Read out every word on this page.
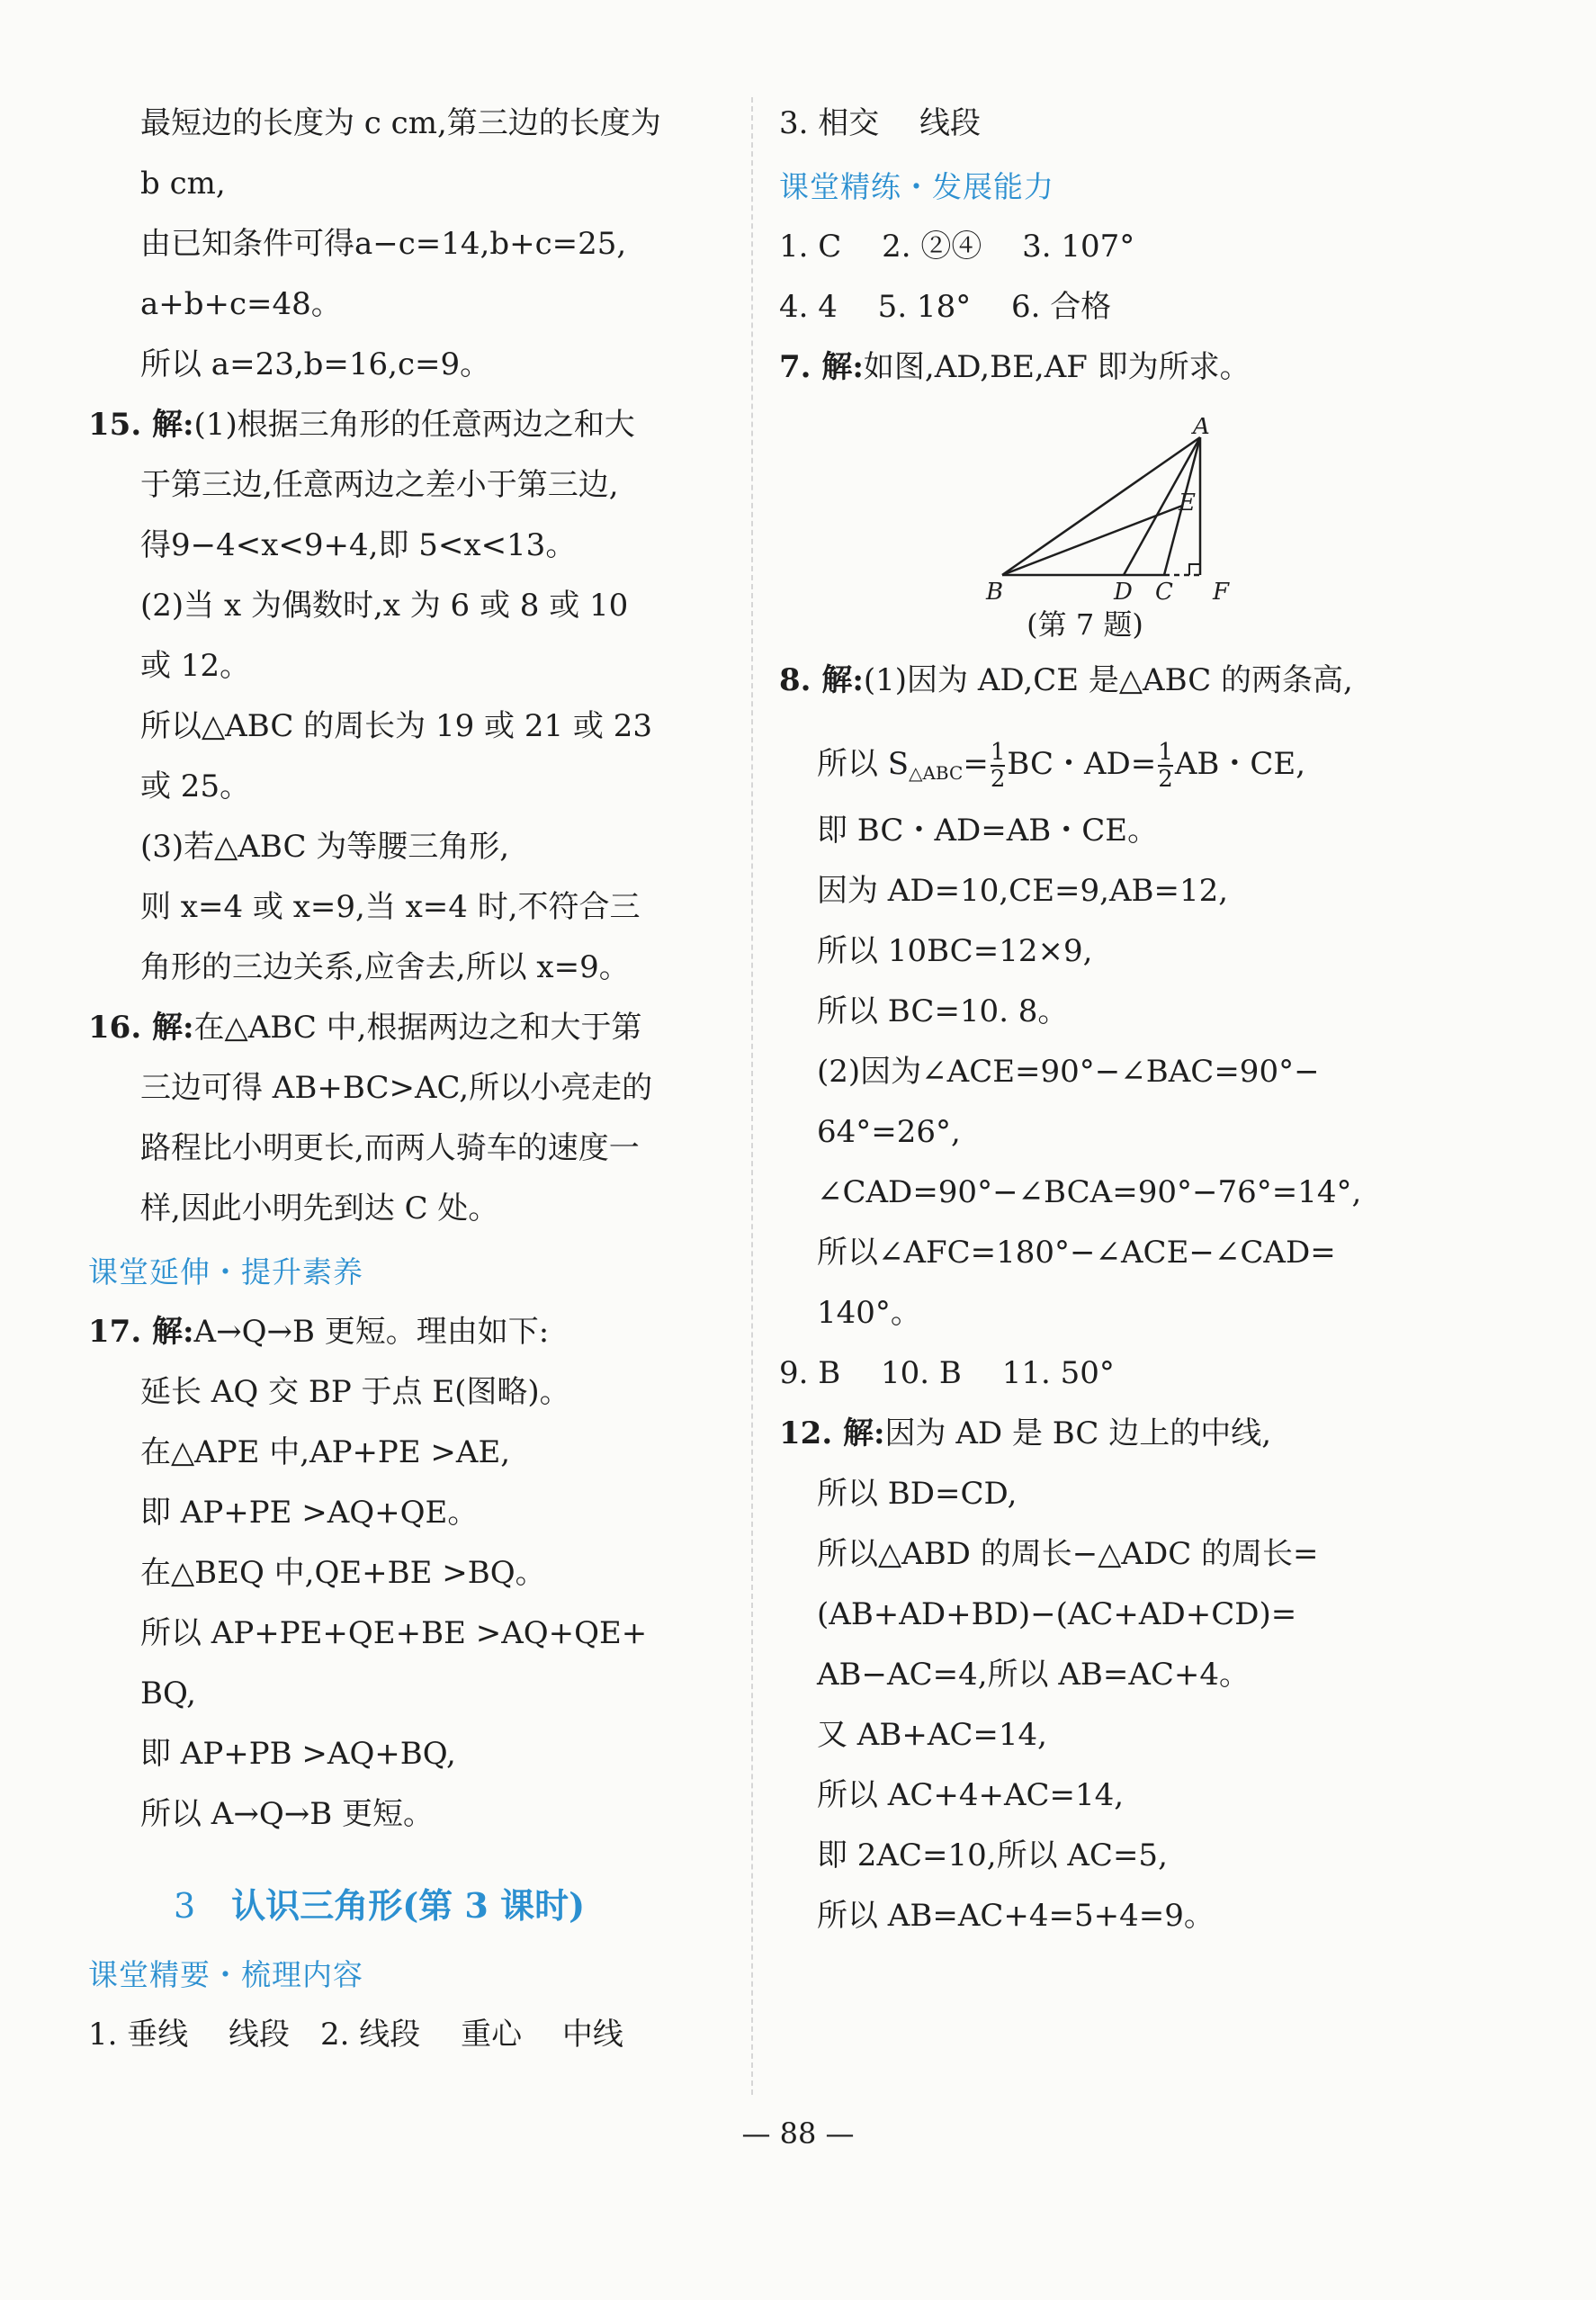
最短边的长度为 c cm,第三边的长度为
b cm,
由已知条件可得a−c=14,b+c=25,
a+b+c=48。
所以 a=23,b=16,c=9。
15. 解:(1)根据三角形的任意两边之和大
于第三边,任意两边之差小于第三边,
得9−4<x<9+4,即 5<x<13。
(2)当 x 为偶数时,x 为 6 或 8 或 10
或 12。
所以△ABC 的周长为 19 或 21 或 23
或 25。
(3)若△ABC 为等腰三角形,
则 x=4 或 x=9,当 x=4 时,不符合三
角形的三边关系,应舍去,所以 x=9。
16. 解:在△ABC 中,根据两边之和大于第
三边可得 AB+BC>AC,所以小亮走的
路程比小明更长,而两人骑车的速度一
样,因此小明先到达 C 处。
课堂延伸・提升素养
17. 解:A→Q→B 更短。理由如下:
延长 AQ 交 BP 于点 E(图略)。
在△APE 中,AP+PE >AE,
即 AP+PE >AQ+QE。
在△BEQ 中,QE+BE >BQ。
所以 AP+PE+QE+BE >AQ+QE+
BQ,
即 AP+PB >AQ+BQ,
所以 A→Q→B 更短。
3 认识三角形(第 3 课时)
课堂精要・梳理内容
1. 垂线　 线段　2. 线段　 重心　 中线
3. 相交　 线段
课堂精练・发展能力
1. C　 2. ②④　 3. 107°
4. 4　 5. 18°　 6. 合格
7. 解:如图,AD,BE,AF 即为所求。
A
B	D C
E
F
(第 7 题)
8. 解:(1)因为 AD,CE 是△ABC 的两条高,
所以 $S_{\triangle ABC}= \frac{1}{2}$ BC・$AD= \frac{1}{2}$ AB・CE,
即 BC・AD=AB・CE。
因为 AD=10,CE=9,AB=12,
所以 10BC=12×9,
所以 BC=10. 8。
(2)因为∠ACE=90°−∠BAC=90°−
64°=26°,
∠CAD=90°−∠BCA=90°−76°=14°,
所以∠AFC=180°−∠ACE−∠CAD=
140°。
9. B　 10. B　 11. 50°
12. 解:因为 AD 是 BC 边上的中线,
所以 BD=CD,
所以△ABD 的周长−△ADC 的周长=
(AB+AD+BD)−(AC+AD+CD)=
AB−AC=4,所以 AB=AC+4。
又 AB+AC=14,
所以 AC+4+AC=14,
即 2AC=10,所以 AC=5,
所以 AB=AC+4=5+4=9。
— 88 —
